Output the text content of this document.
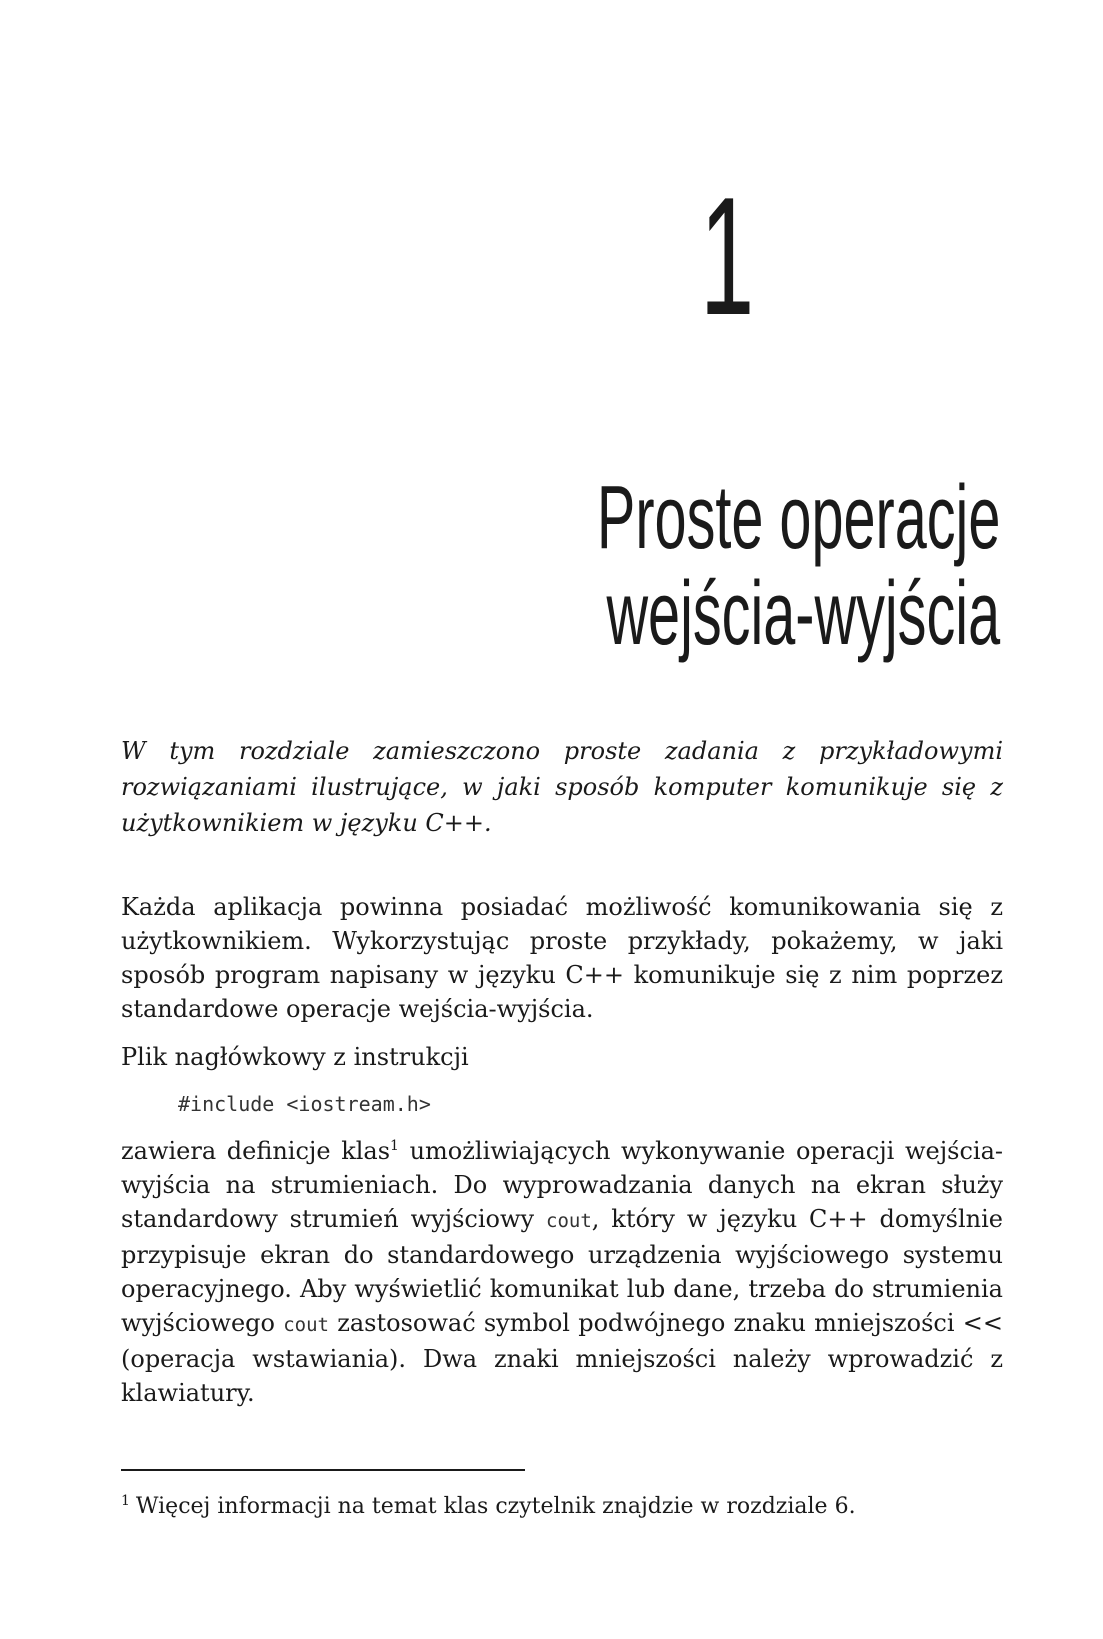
1
Proste operacje
wejścia-wyjścia
W tym rozdziale zamieszczono proste zadania z przykładowymi rozwiązaniami ilustrujące, w jaki sposób komputer komunikuje się z użytkownikiem w języku C++.
Każda aplikacja powinna posiadać możliwość komunikowania się z użytkownikiem. Wykorzystując proste przykłady, pokażemy, w jaki sposób program napisany w języku C++ komunikuje się z nim poprzez standardowe operacje wejścia-wyjścia.
Plik nagłówkowy z instrukcji
#include <iostream.h>
zawiera definicje klas$^1$ umożliwiających wykonywanie operacji wejścia-wyjścia na strumieniach. Do wyprowadzania danych na ekran służy standardowy strumień wyjściowy cout, który w języku C++ domyślnie przypisuje ekran do standardowego urządzenia wyjściowego systemu operacyjnego. Aby wyświetlić komunikat lub dane, trzeba do strumienia wyjściowego cout zastosować symbol podwójnego znaku mniejszości << (operacja wstawiania). Dwa znaki mniejszości należy wprowadzić z klawiatury.
$^1$ Więcej informacji na temat klas czytelnik znajdzie w rozdziale 6.
